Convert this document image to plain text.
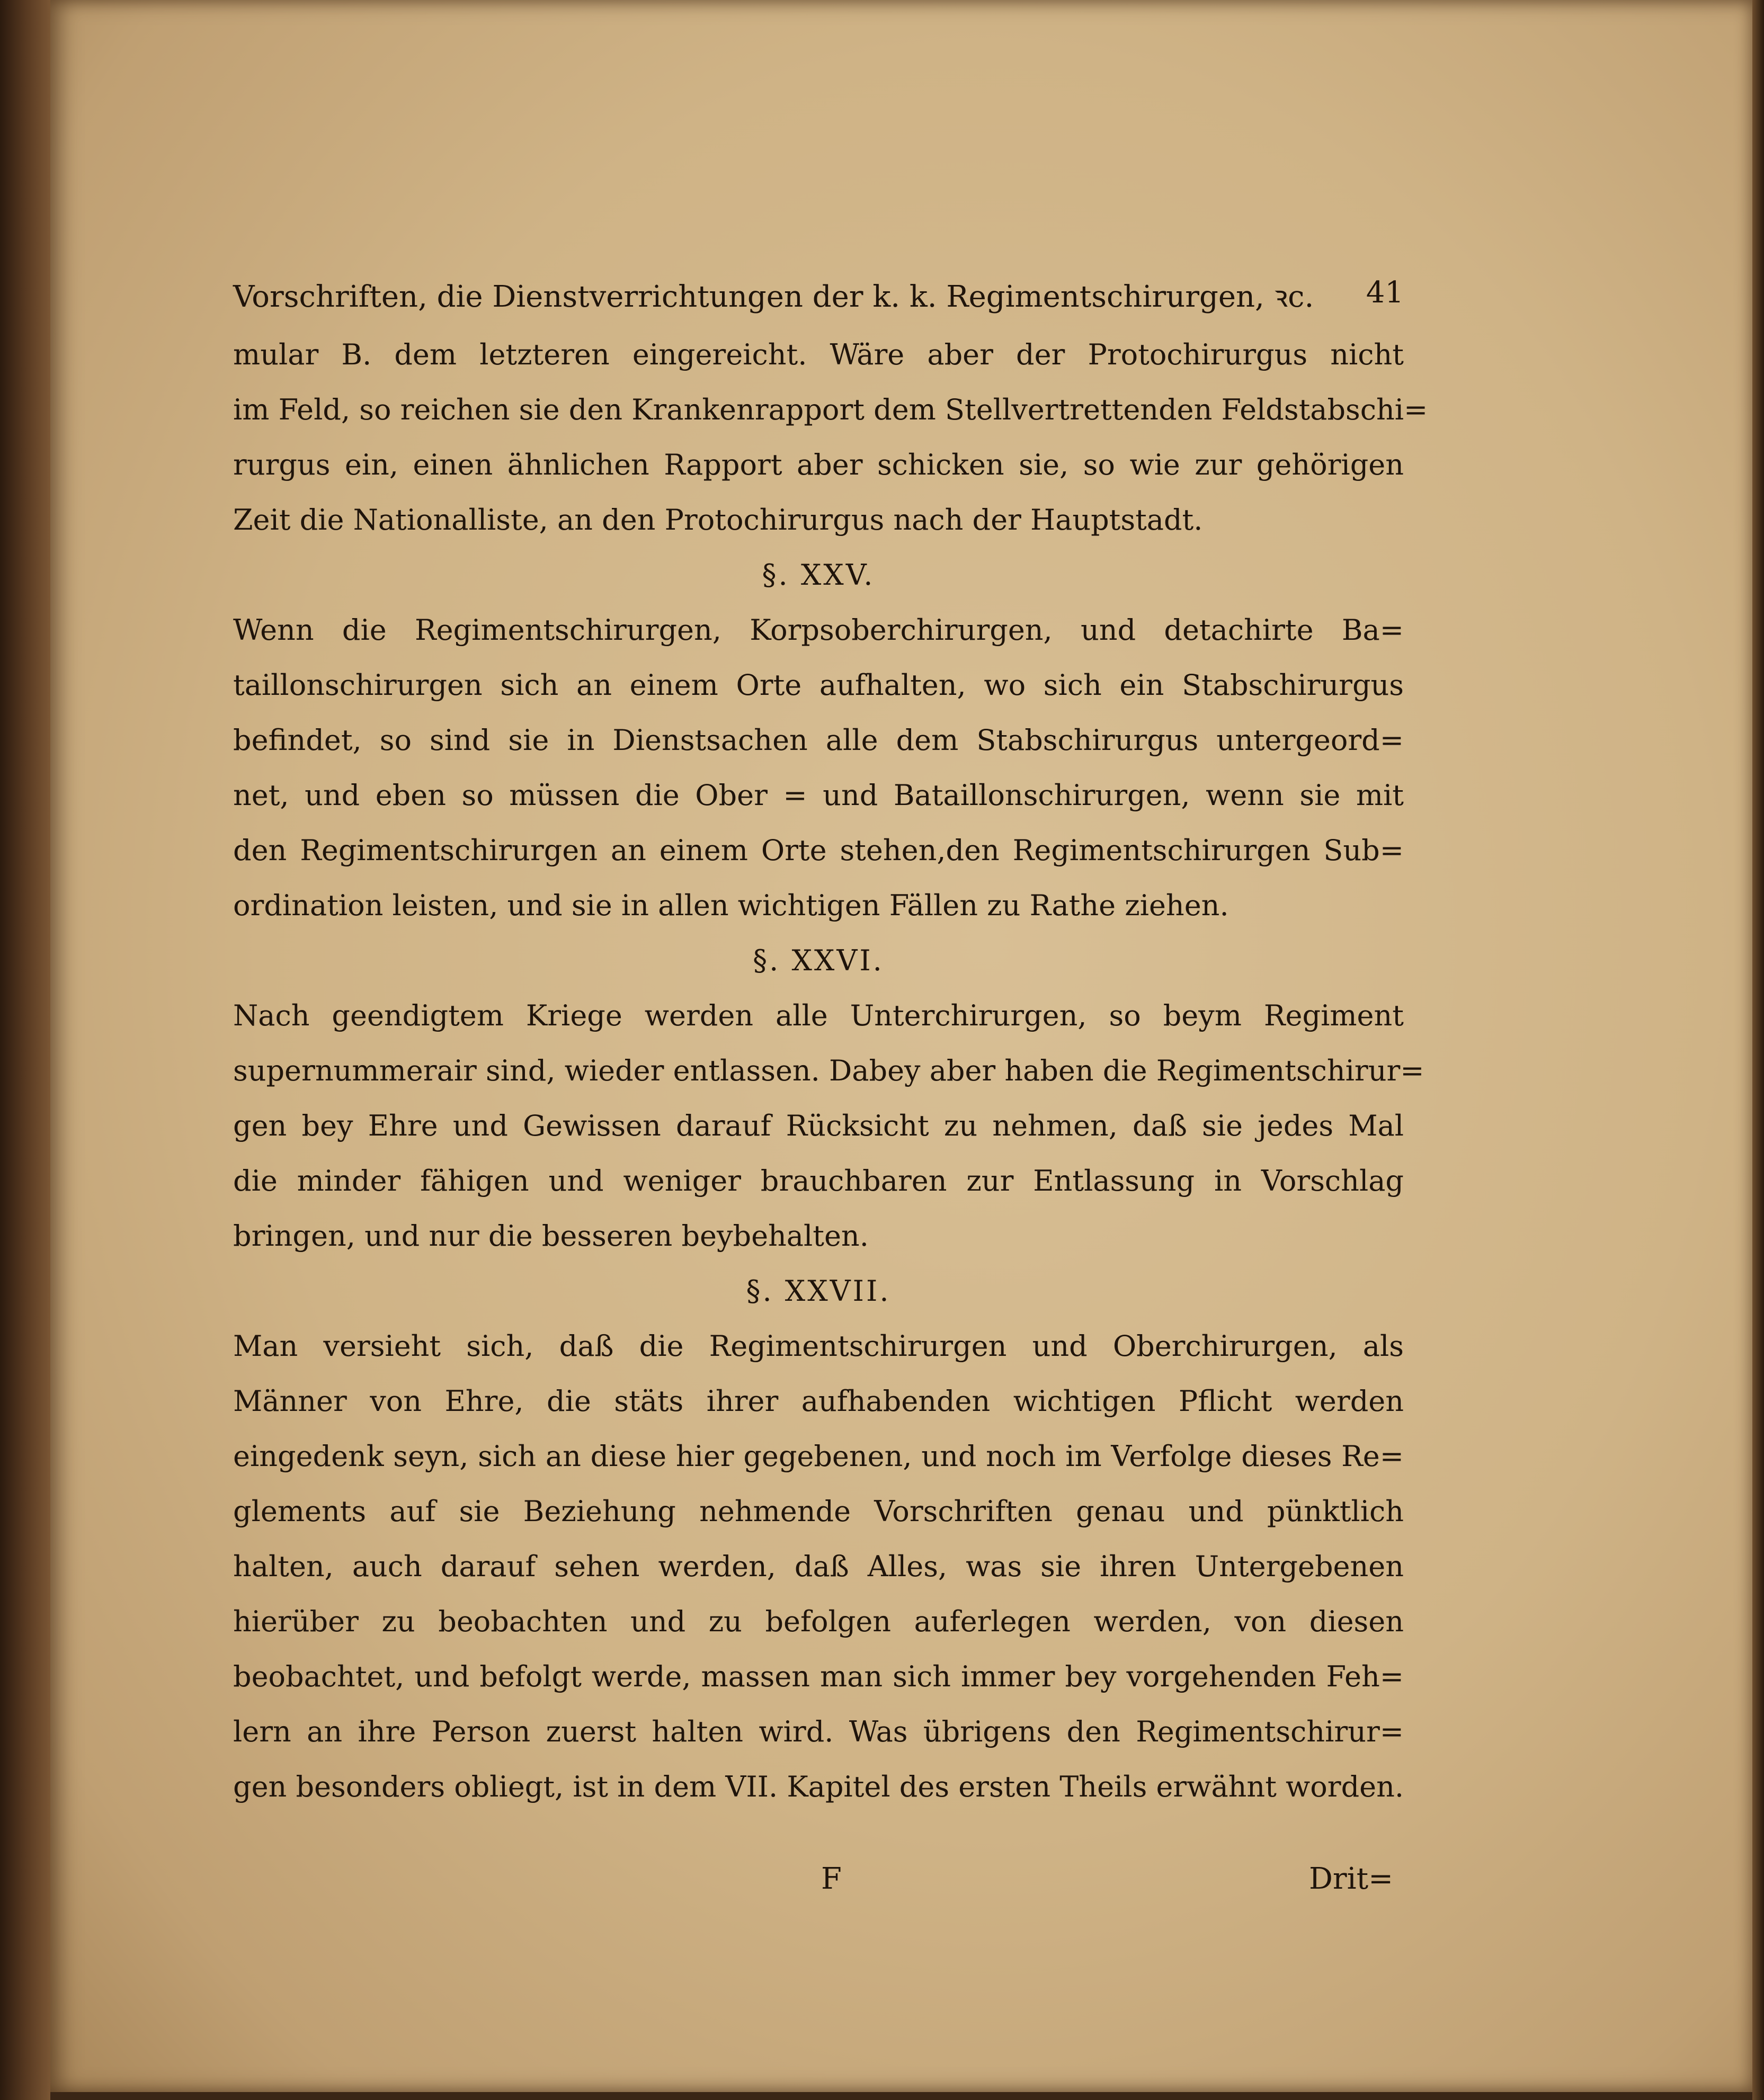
Vorschriften, die Dienstverrichtungen der k. k. Regimentschirurgen, ꝛc. 41
mular B. dem letzteren eingereicht. Wäre aber der Protochirurgus nicht
im Feld, so reichen sie den Krankenrapport dem Stellvertrettenden Feldstabschi=
rurgus ein, einen ähnlichen Rapport aber schicken sie, so wie zur gehörigen
Zeit die Nationalliste, an den Protochirurgus nach der Hauptstadt.
§. XXV.
Wenn die Regimentschirurgen, Korpsoberchirurgen, und detachirte Ba=
taillonschirurgen sich an einem Orte aufhalten, wo sich ein Stabschirurgus
befindet, so sind sie in Dienstsachen alle dem Stabschirurgus untergeord=
net, und eben so müssen die Ober = und Bataillonschirurgen, wenn sie mit
den Regimentschirurgen an einem Orte stehen,den Regimentschirurgen Sub=
ordination leisten, und sie in allen wichtigen Fällen zu Rathe ziehen.
§. XXVI.
Nach geendigtem Kriege werden alle Unterchirurgen, so beym Regiment
supernummerair sind, wieder entlassen. Dabey aber haben die Regimentschirur=
gen bey Ehre und Gewissen darauf Rücksicht zu nehmen, daß sie jedes Mal
die minder fähigen und weniger brauchbaren zur Entlassung in Vorschlag
bringen, und nur die besseren beybehalten.
§. XXVII.
Man versieht sich, daß die Regimentschirurgen und Oberchirurgen, als
Männer von Ehre, die stäts ihrer aufhabenden wichtigen Pflicht werden
eingedenk seyn, sich an diese hier gegebenen, und noch im Verfolge dieses Re=
glements auf sie Beziehung nehmende Vorschriften genau und pünktlich
halten, auch darauf sehen werden, daß Alles, was sie ihren Untergebenen
hierüber zu beobachten und zu befolgen auferlegen werden, von diesen
beobachtet, und befolgt werde, massen man sich immer bey vorgehenden Feh=
lern an ihre Person zuerst halten wird. Was übrigens den Regimentschirur=
gen besonders obliegt, ist in dem VII. Kapitel des ersten Theils erwähnt worden.
F	Drit=
